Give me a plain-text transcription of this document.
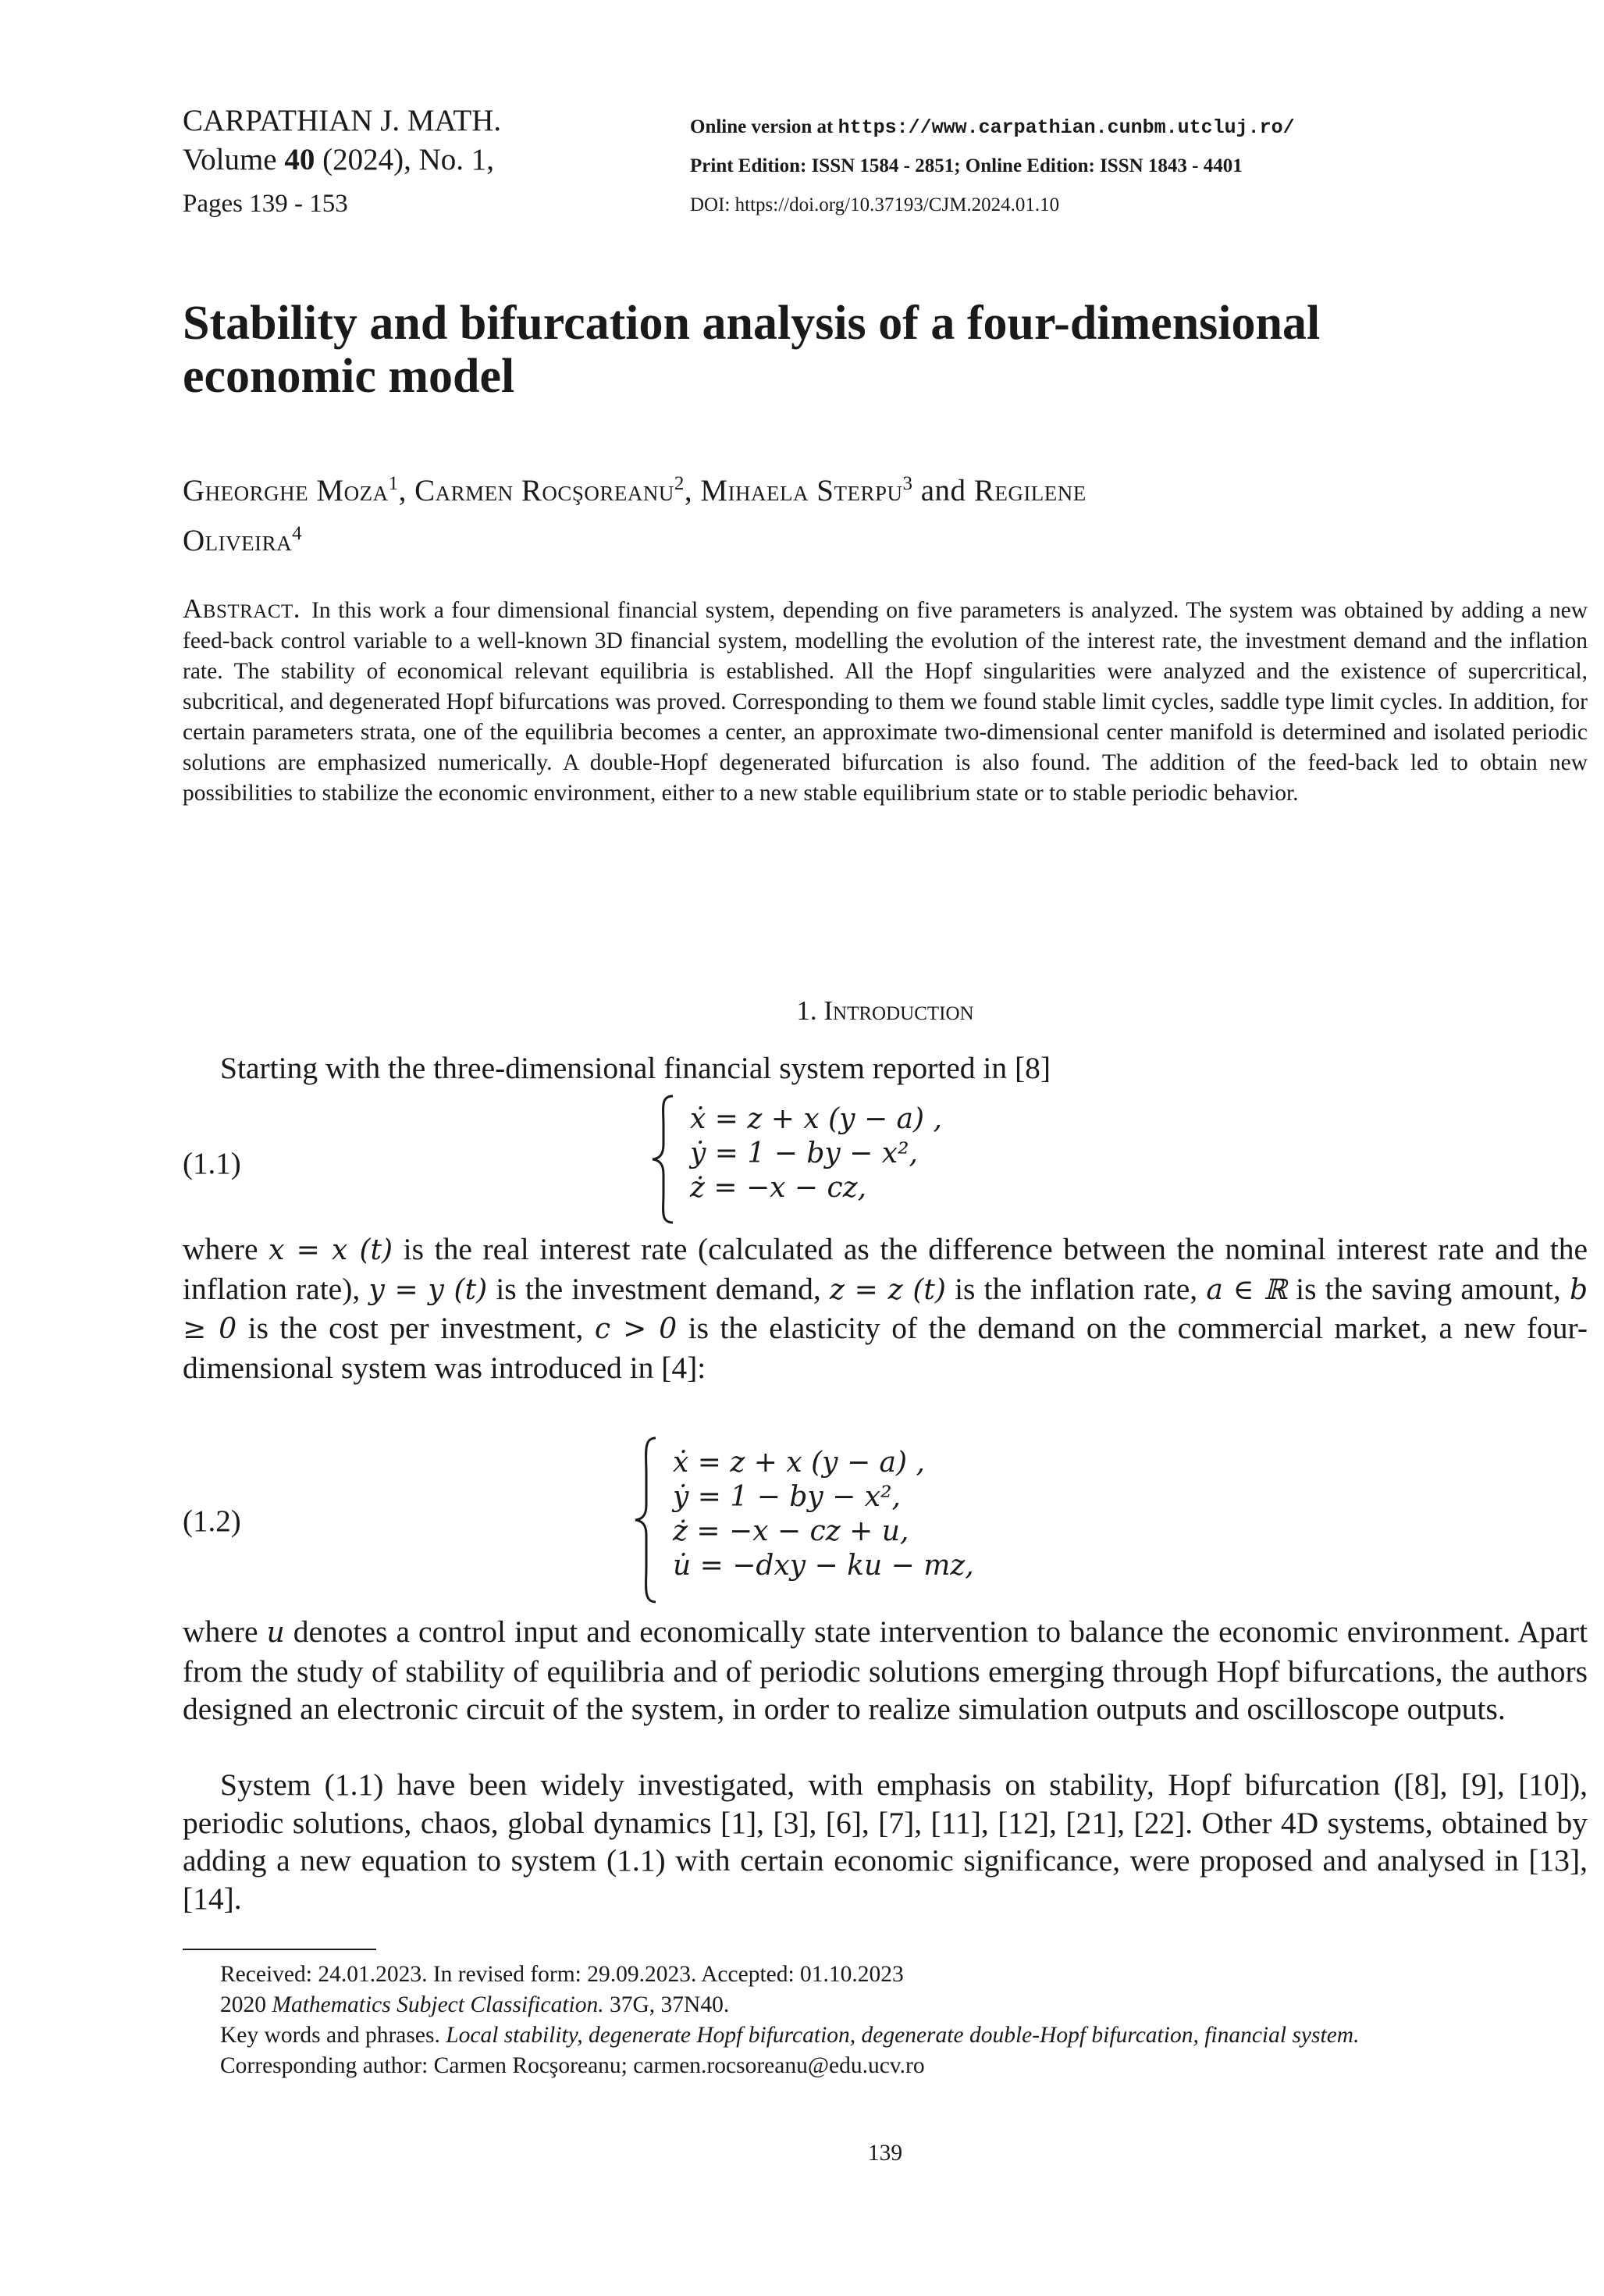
CARPATHIAN J. MATH.
Volume 40 (2024), No. 1,
Pages 139 - 153
Online version at https://www.carpathian.cunbm.utcluj.ro/
Print Edition: ISSN 1584 - 2851; Online Edition: ISSN 1843 - 4401
DOI: https://doi.org/10.37193/CJM.2024.01.10
Stability and bifurcation analysis of a four-dimensional
economic model
Gheorghe Moza$^1$, Carmen Rocşoreanu$^2$, Mihaela Sterpu$^3$ and Regilene
Oliveira$^4$
Abstract. In this work a four dimensional financial system, depending on five parameters is analyzed. The system was obtained by adding a new feed-back control variable to a well-known 3D financial system, modelling the evolution of the interest rate, the investment demand and the inflation rate. The stability of economical relevant equilibria is established. All the Hopf singularities were analyzed and the existence of supercritical, subcritical, and degenerated Hopf bifurcations was proved. Corresponding to them we found stable limit cycles, saddle type limit cycles. In addition, for certain parameters strata, one of the equilibria becomes a center, an approximate two-dimensional center manifold is determined and isolated periodic solutions are emphasized numerically. A double-Hopf degenerated bifurcation is also found. The addition of the feed-back led to obtain new possibilities to stabilize the economic environment, either to a new stable equilibrium state or to stable periodic behavior.
1. Introduction
Starting with the three-dimensional financial system reported in [8]
(1.1)
ẋ = z + x (y − a) ,
ẏ = 1 − by − x²,
ż = −x − cz,
where x = x (t) is the real interest rate (calculated as the difference between the nominal interest rate and the inflation rate), y = y (t) is the investment demand, z = z (t) is the inflation rate, a ∈ ℝ is the saving amount, b ≥ 0 is the cost per investment, c > 0 is the elasticity of the demand on the commercial market, a new four-dimensional system was introduced in [4]:
(1.2)
ẋ = z + x (y − a) ,
ẏ = 1 − by − x²,
ż = −x − cz + u,
u̇ = −dxy − ku − mz,
where u denotes a control input and economically state intervention to balance the economic environment. Apart from the study of stability of equilibria and of periodic solutions emerging through Hopf bifurcations, the authors designed an electronic circuit of the system, in order to realize simulation outputs and oscilloscope outputs.
System (1.1) have been widely investigated, with emphasis on stability, Hopf bifurcation ([8], [9], [10]), periodic solutions, chaos, global dynamics [1], [3], [6], [7], [11], [12], [21], [22]. Other 4D systems, obtained by adding a new equation to system (1.1) with certain economic significance, were proposed and analysed in [13], [14].
Received: 24.01.2023. In revised form: 29.09.2023. Accepted: 01.10.2023
2020 Mathematics Subject Classification. 37G, 37N40.
Key words and phrases. Local stability, degenerate Hopf bifurcation, degenerate double-Hopf bifurcation, financial system.
Corresponding author: Carmen Rocşoreanu; carmen.rocsoreanu@edu.ucv.ro
139
